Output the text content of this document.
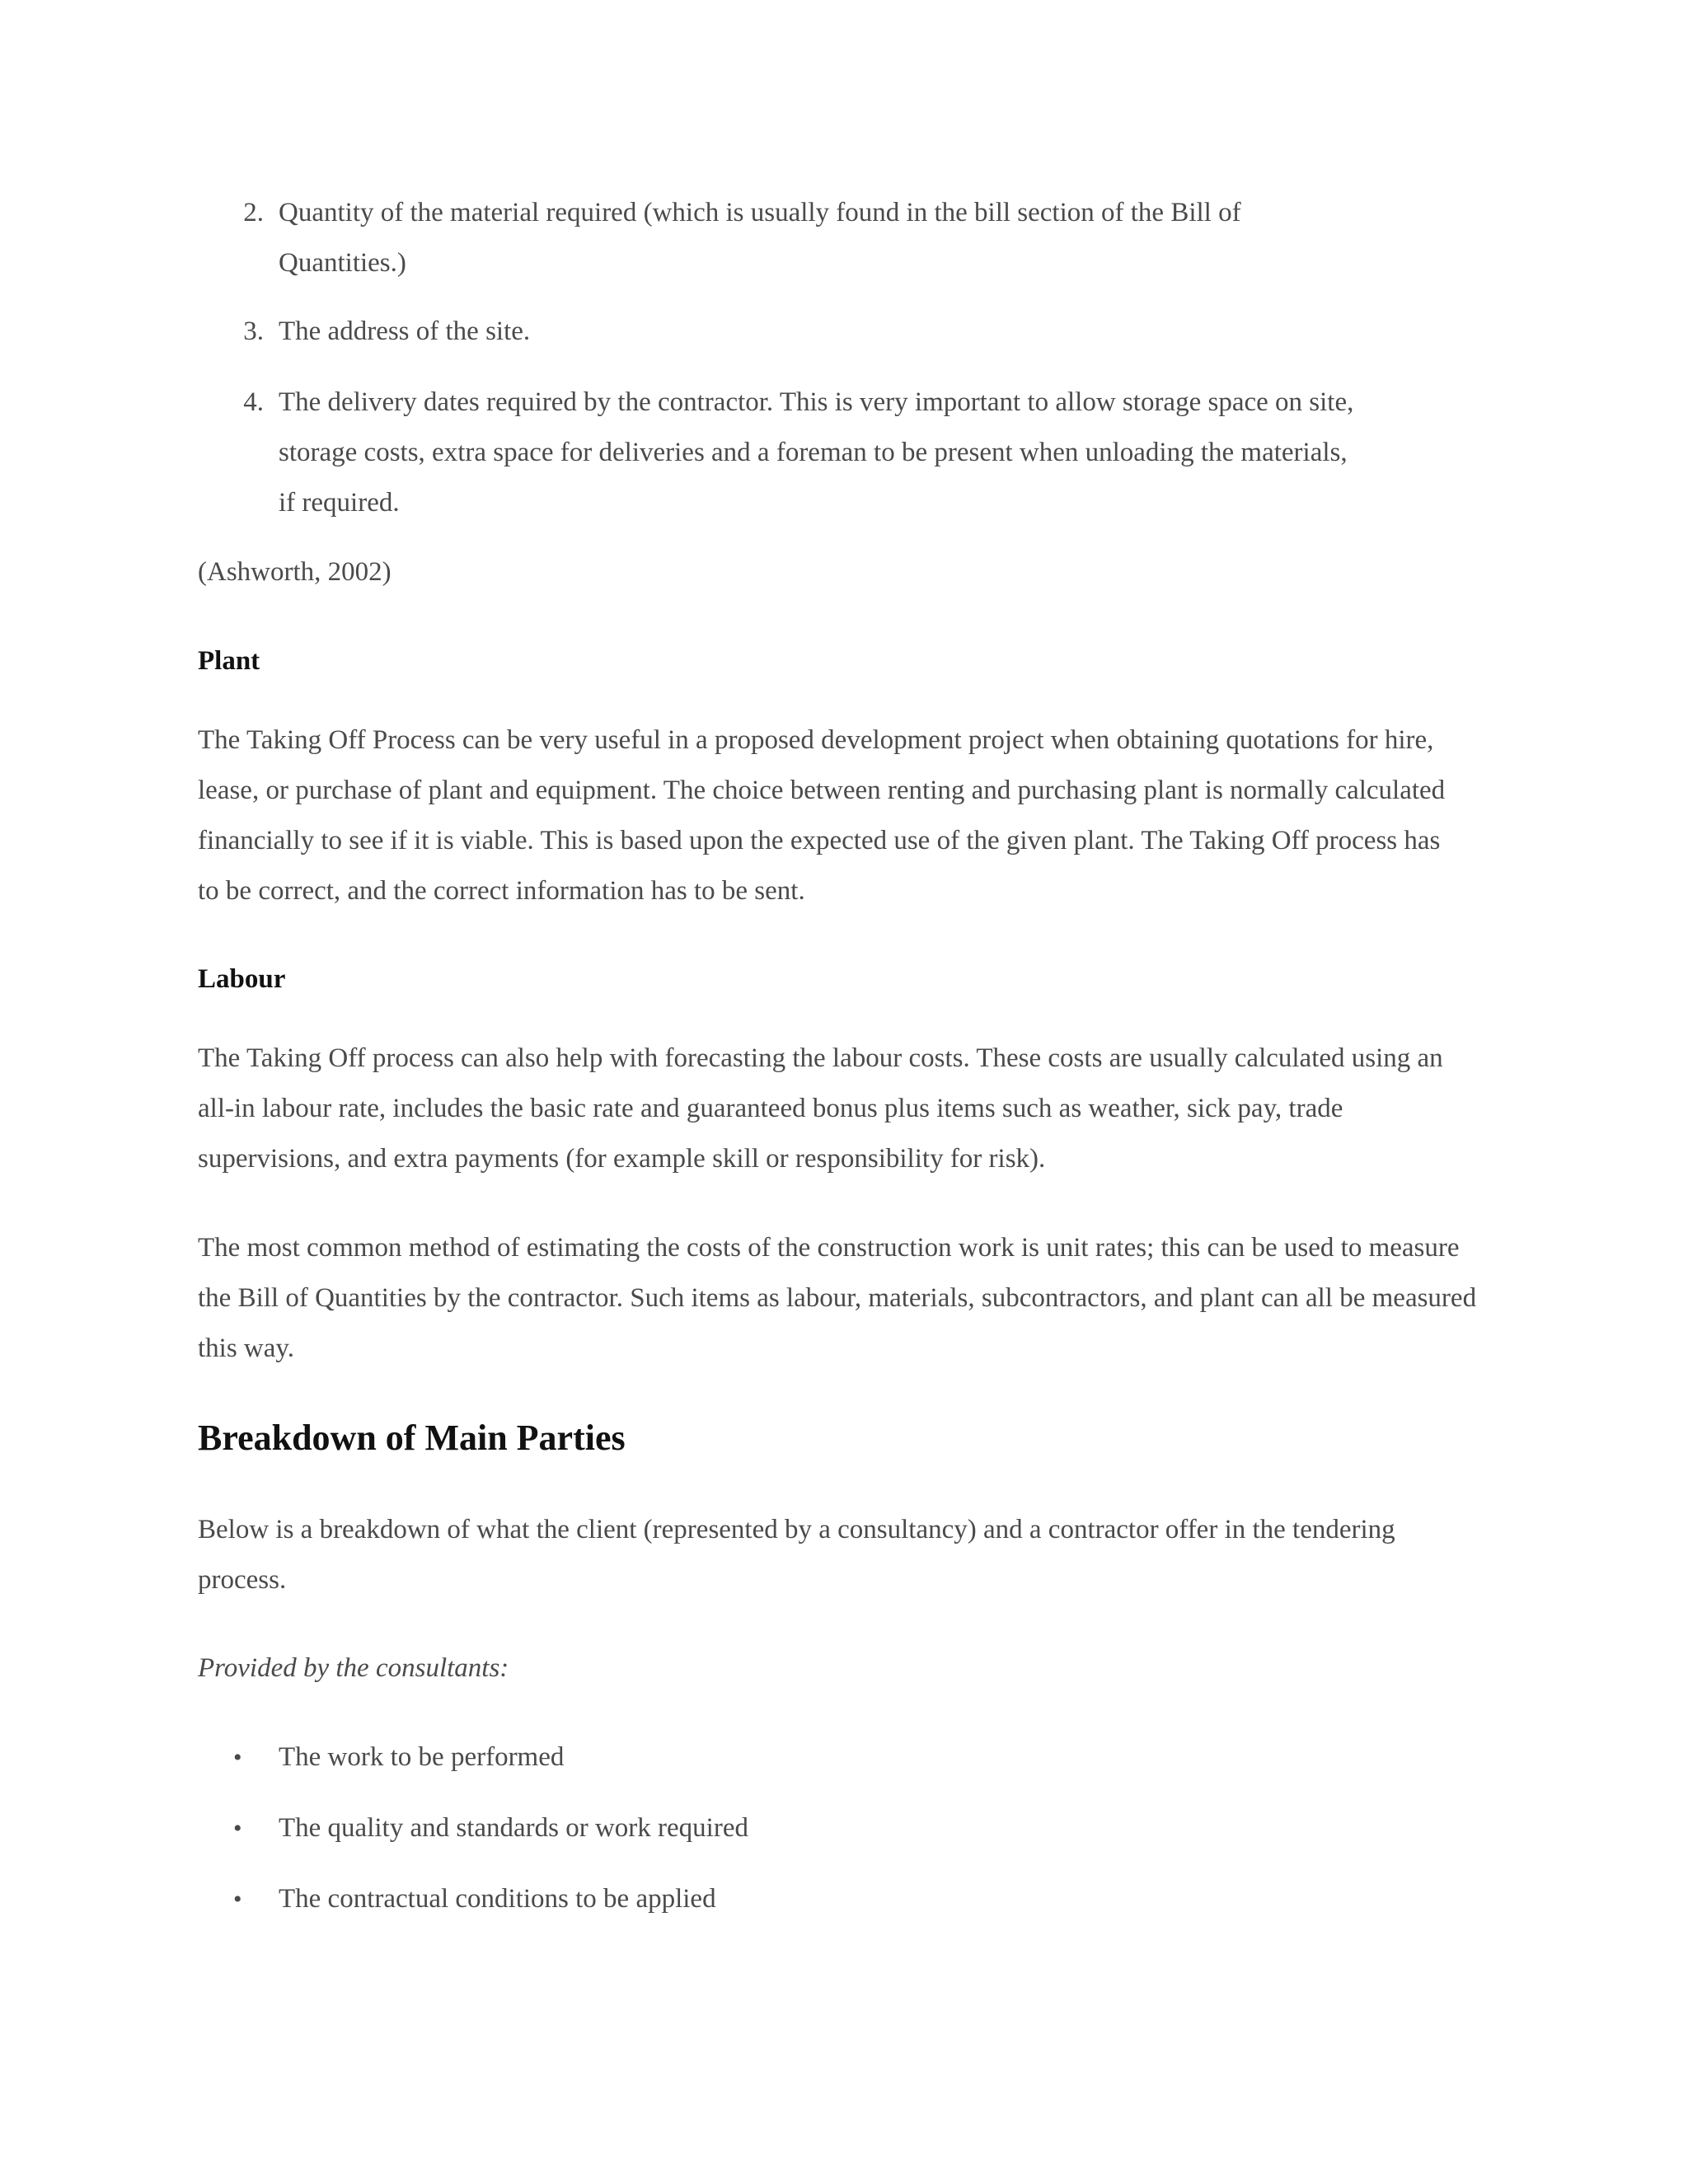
2. Quantity of the material required (which is usually found in the bill section of the Bill of Quantities.)

3. The address of the site.

4. The delivery dates required by the contractor. This is very important to allow storage space on site, storage costs, extra space for deliveries and a foreman to be present when unloading the materials, if required.

(Ashworth, 2002)

Plant

The Taking Off Process can be very useful in a proposed development project when obtaining quotations for hire, lease, or purchase of plant and equipment. The choice between renting and purchasing plant is normally calculated financially to see if it is viable. This is based upon the expected use of the given plant. The Taking Off process has to be correct, and the correct information has to be sent.

Labour

The Taking Off process can also help with forecasting the labour costs. These costs are usually calculated using an all-in labour rate, includes the basic rate and guaranteed bonus plus items such as weather, sick pay, trade supervisions, and extra payments (for example skill or responsibility for risk).

The most common method of estimating the costs of the construction work is unit rates; this can be used to measure the Bill of Quantities by the contractor. Such items as labour, materials, subcontractors, and plant can all be measured this way.

Breakdown of Main Parties

Below is a breakdown of what the client (represented by a consultancy) and a contractor offer in the tendering process.

Provided by the consultants:

• The work to be performed

• The quality and standards or work required

• The contractual conditions to be applied
